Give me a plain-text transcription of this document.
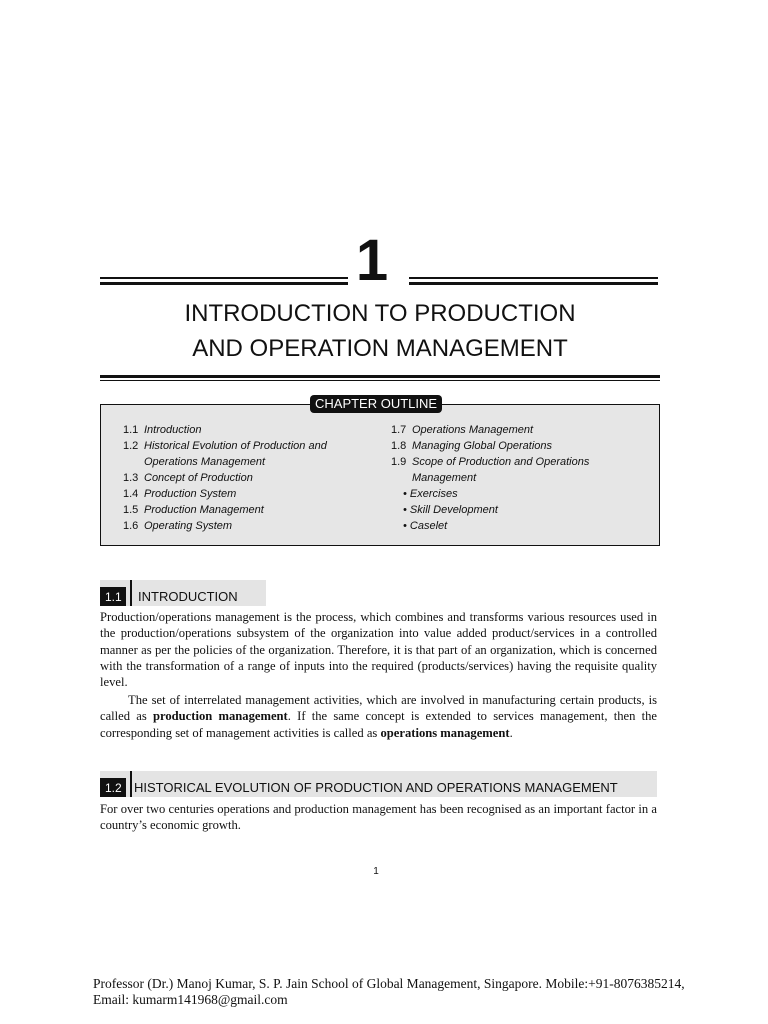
1
INTRODUCTION TO PRODUCTION
AND OPERATION MANAGEMENT
1.1 Introduction
1.2 Historical Evolution of Production and Operations Management
1.3 Concept of Production
1.4 Production System
1.5 Production Management
1.6 Operating System
1.7 Operations Management
1.8 Managing Global Operations
1.9 Scope of Production and Operations Management
• Exercises
• Skill Development
• Caselet
CHAPTER OUTLINE
1.1	INTRODUCTION
Production/operations management is the process, which combines and transforms various resources used in the production/operations subsystem of the organization into value added product/services in a controlled manner as per the policies of the organization. Therefore, it is that part of an organization, which is concerned with the transformation of a range of inputs into the required (products/services) having the requisite quality level.
The set of interrelated management activities, which are involved in manufacturing certain products, is called as production management. If the same concept is extended to services management, then the corresponding set of management activities is called as operations management.
1.2 HISTORICAL EVOLUTION OF PRODUCTION AND OPERATIONS MANAGEMENT
For over two centuries operations and production management has been recognised as an important factor in a country’s economic growth.
1
Professor (Dr.) Manoj Kumar, S. P. Jain School of Global Management, Singapore. Mobile:+91-8076385214, Email: kumarm141968@gmail.com
